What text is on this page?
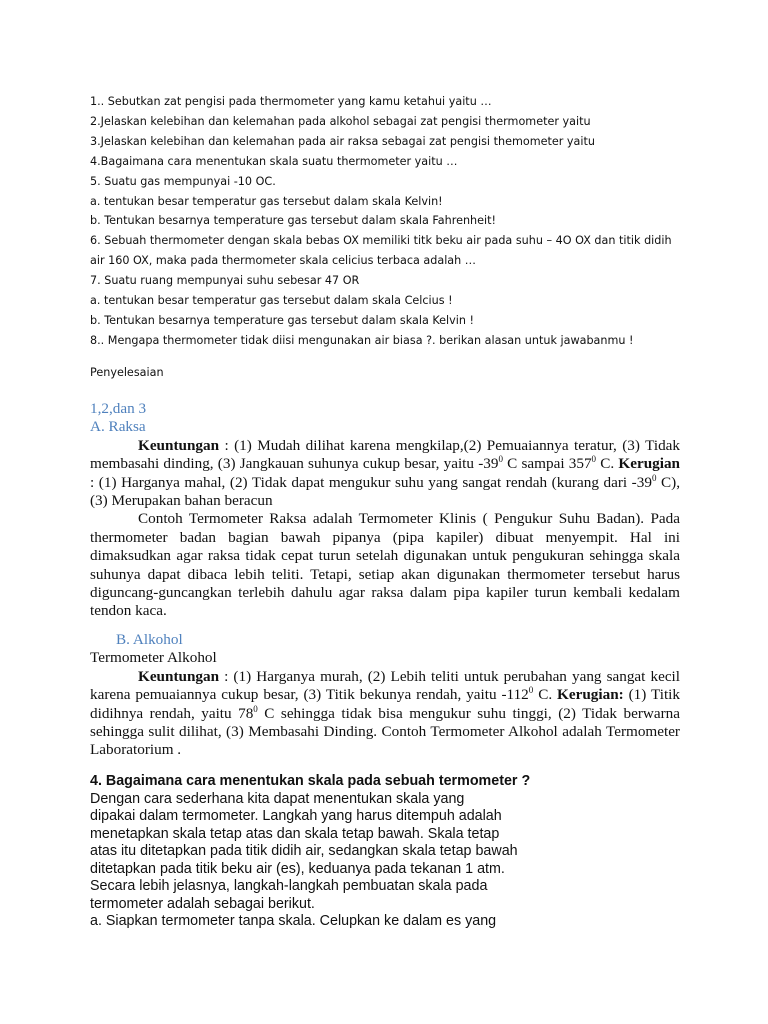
1.. Sebutkan zat pengisi pada thermometer yang kamu ketahui yaitu …

2.Jelaskan kelebihan dan kelemahan pada alkohol sebagai zat pengisi thermometer yaitu

3.Jelaskan kelebihan dan kelemahan pada air raksa sebagai zat pengisi themometer yaitu

4.Bagaimana cara menentukan skala suatu thermometer yaitu …

5. Suatu gas mempunyai -10 OC.

a. tentukan besar temperatur gas tersebut dalam skala Kelvin!

b. Tentukan besarnya temperature gas tersebut dalam skala Fahrenheit!

6. Sebuah thermometer dengan skala bebas OX memiliki titk beku air pada suhu – 4O OX dan titik didih

air 160 OX, maka pada thermometer skala celicius terbaca adalah …

7. Suatu ruang mempunyai suhu sebesar 47 OR

a. tentukan besar temperatur gas tersebut dalam skala Celcius !

b. Tentukan besarnya temperature gas tersebut dalam skala Kelvin !

8.. Mengapa thermometer tidak diisi mengunakan air biasa ?. berikan alasan untuk jawabanmu !

Penyelesaian

1,2,dan 3

A. Raksa

Keuntungan : (1) Mudah dilihat karena mengkilap,(2) Pemuaiannya teratur, (3) Tidak membasahi dinding, (3) Jangkauan suhunya cukup besar, yaitu $-39^0$ C sampai $357^0$ C. Kerugian : (1) Harganya mahal, (2) Tidak dapat mengukur suhu yang sangat rendah (kurang dari $-39^0$ C), (3) Merupakan bahan beracun

Contoh Termometer Raksa adalah Termometer Klinis ( Pengukur Suhu Badan). Pada thermometer badan bagian bawah pipanya (pipa kapiler) dibuat menyempit. Hal ini dimaksudkan agar raksa tidak cepat turun setelah digunakan untuk pengukuran sehingga skala suhunya dapat dibaca lebih teliti. Tetapi, setiap akan digunakan thermometer tersebut harus diguncang-guncangkan terlebih dahulu agar raksa dalam pipa kapiler turun kembali kedalam tendon kaca.

B. Alkohol

Termometer Alkohol

Keuntungan : (1) Harganya murah, (2) Lebih teliti untuk perubahan yang sangat kecil karena pemuaiannya cukup besar, (3) Titik bekunya rendah, yaitu $-112^0$ C. Kerugian: (1) Titik didihnya rendah, yaitu $78^0$ C sehingga tidak bisa mengukur suhu tinggi, (2) Tidak berwarna sehingga sulit dilihat, (3) Membasahi Dinding. Contoh Termometer Alkohol adalah Termometer Laboratorium .

4. Bagaimana cara menentukan skala pada sebuah termometer ?

Dengan cara sederhana kita dapat menentukan skala yang

dipakai dalam termometer. Langkah yang harus ditempuh adalah

menetapkan skala tetap atas dan skala tetap bawah. Skala tetap

atas itu ditetapkan pada titik didih air, sedangkan skala tetap bawah

ditetapkan pada titik beku air (es), keduanya pada tekanan 1 atm.

Secara lebih jelasnya, langkah-langkah pembuatan skala pada

termometer adalah sebagai berikut.

a. Siapkan termometer tanpa skala. Celupkan ke dalam es yang
